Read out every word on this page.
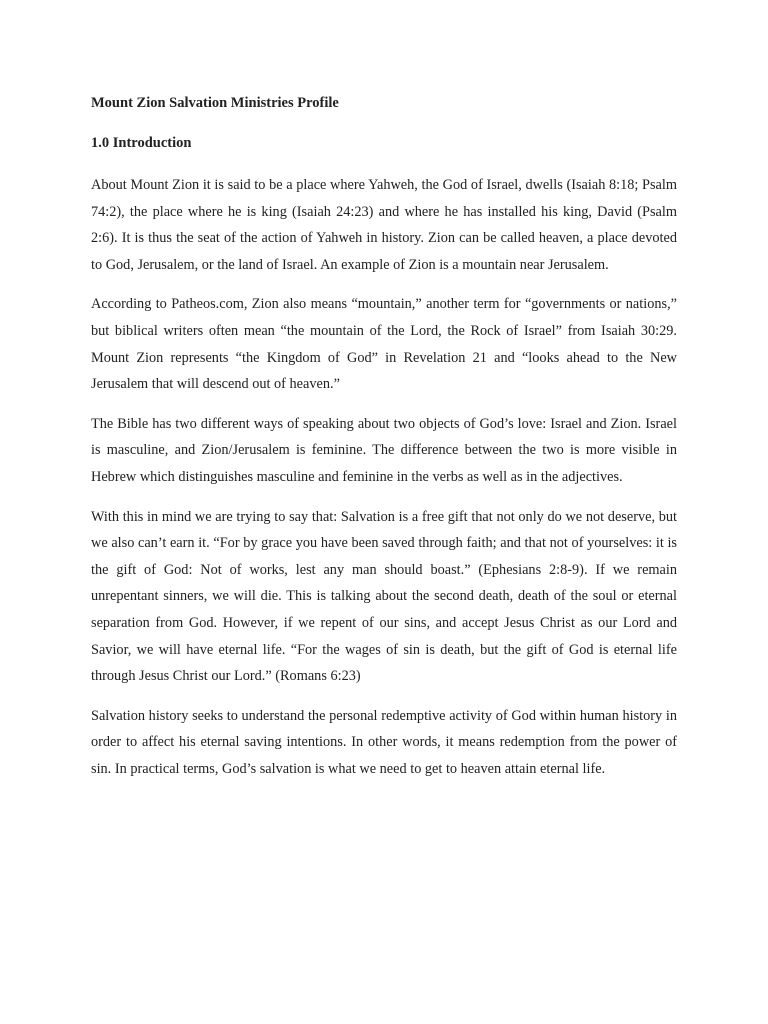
Mount Zion Salvation Ministries Profile
1.0 Introduction

About Mount Zion it is said to be a place where Yahweh, the God of Israel, dwells (Isaiah 8:18; Psalm 74:2), the place where he is king (Isaiah 24:23) and where he has installed his king, David (Psalm 2:6). It is thus the seat of the action of Yahweh in history. Zion can be called heaven, a place devoted to God, Jerusalem, or the land of Israel. An example of Zion is a mountain near Jerusalem.

According to Patheos.com, Zion also means “mountain,” another term for “governments or nations,” but biblical writers often mean “the mountain of the Lord, the Rock of Israel” from Isaiah 30:29. Mount Zion represents “the Kingdom of God” in Revelation 21 and “looks ahead to the New Jerusalem that will descend out of heaven.”

The Bible has two different ways of speaking about two objects of God’s love: Israel and Zion. Israel is masculine, and Zion/Jerusalem is feminine. The difference between the two is more visible in Hebrew which distinguishes masculine and feminine in the verbs as well as in the adjectives.

With this in mind we are trying to say that: Salvation is a free gift that not only do we not deserve, but we also can’t earn it. “For by grace you have been saved through faith; and that not of yourselves: it is the gift of God: Not of works, lest any man should boast.” (Ephesians 2:8-9). If we remain unrepentant sinners, we will die. This is talking about the second death, death of the soul or eternal separation from God. However, if we repent of our sins, and accept Jesus Christ as our Lord and Savior, we will have eternal life. “For the wages of sin is death, but the gift of God is eternal life through Jesus Christ our Lord.” (Romans 6:23)

Salvation history seeks to understand the personal redemptive activity of God within human history in order to affect his eternal saving intentions. In other words, it means redemption from the power of sin. In practical terms, God’s salvation is what we need to get to heaven attain eternal life.
